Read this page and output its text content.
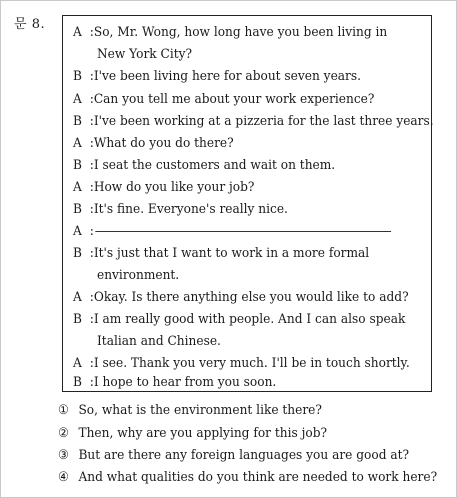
문 8.
A :So, Mr. Wong, how long have you been living in
New York City?
B :I've been living here for about seven years.
A :Can you tell me about your work experience?
B :I've been working at a pizzeria for the last three years.
A :What do you do there?
B :I seat the customers and wait on them.
A :How do you like your job?
B :It's fine. Everyone's really nice.
A :
B :It's just that I want to work in a more formal
environment.
A :Okay. Is there anything else you would like to add?
B :I am really good with people. And I can also speak
Italian and Chinese.
A :I see. Thank you very much. I'll be in touch shortly.
B :I hope to hear from you soon.
① So, what is the environment like there?
② Then, why are you applying for this job?
③ But are there any foreign languages you are good at?
④ And what qualities do you think are needed to work here?
